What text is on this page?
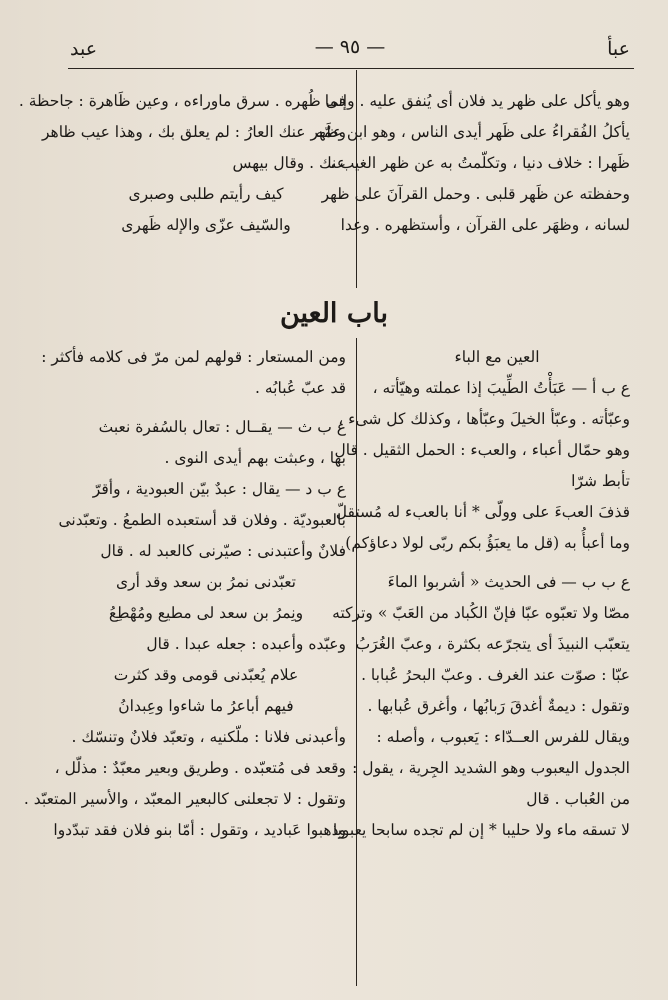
عبأ
— ٩٥ —
عبد

وهو يأكل على ظهر يد فلان أى يُنفق عليه . وإنما

يأكلُ الفُقراءُ على ظَهر أيدى الناس ، وهو ابن عمّه

ظَهرا : خلاف دنيا ، وتكلّمتُ به عن ظهر الغيب ،

وحفظته عن ظَهر قلبى . وحمل القرآنَ على ظهر

لسانه ، وظهَر على القرآن ، وأستظهره . وعدا

فى ظُهره . سرق ماوراءه ، وعين ظَاهرة : جاحظة .

وظَهر عنك العارُ : لم يعلق بك ، وهذا عيب ظاهر

عنك . وقال بيهس

كيف رأيتم طلبى وصبرى

والسّيف عزّى والإله ظَهرى

باب العين

العين مع الباء

ع ب أ — عَبَأْتُ الطِّيبَ إذا عملته وهيّأته ،

وعبّأته . وعبّأ الخيلَ وعبّأها ، وكذلك كل شىء ،

وهو حمّال أعباء ، والعبء : الحمل الثقيل . قال

تأبط شرّا

قذفَ العبءَ على وولّى * أنا بالعبء له مُستقلّ

وما أعبأُ به (قل ما يعبَؤُ بكم ربّى لولا دعاؤكم)

ع ب ب — فى الحديث « أشربوا الماءَ

مصّا ولا تعبّوه عبّا فإنّ الكُباد من العَبّ » وتركته

يتعبّب النبيذَ أى يتجرّعه بكثرة ، وعبّ الغُرَبُ

عبّا : صوّت عند الغرف . وعبّ البحرُ عُبابا .

وتقول : ديمةٌ أغدقَ رَبابُها ، وأغرق عُبابها .

ويقال للفرس العــدّاء : يَعبوب ، وأصله :

الجدول اليعبوب وهو الشديد الجِرية ، يقول :

من العُباب . قال

لا تسقه ماء ولا حليبا * إن لم تجده سابحا يعبوبا

ومن المستعار : قولهم لمن مرّ فى كلامه فأكثر :

قد عبّ عُبابُه .

ع ب ث — يقــال : تعال بالسُفرة نعبث

بها ، وعبثت بهم أيدى النوى .

ع ب د — يقال : عبدٌ بيّن العبودية ، وأقرّ

بالعبوديّة . وفلان قد أستعبده الطمعُ . وتعبّدنى

فلانٌ وأعتبدنى : صيّرنى كالعبد له . قال

تعبّدنى نمرُ بن سعد وقد أرى

ونِمرُ بن سعد لى مطيع ومُهْطِعُ

وعبّده وأعبده : جعله عبدا . قال

علام يُعبّدنى قومى وقد كثرت

فيهم أباعرُ ما شاءوا وعِبدانُ

وأعبدنى فلانا : ملّكنيه ، وتعبّد فلانٌ وتنسّك .

وقعد فى مُتعبّده . وطريق وبعير معبّدٌ : مذلّل ،

وتقول : لا تجعلنى كالبعير المعبّد ، والأسير المتعبّد .

وذهبوا عَباديد ، وتقول : أمّا بنو فلان فقد تبدّدوا
